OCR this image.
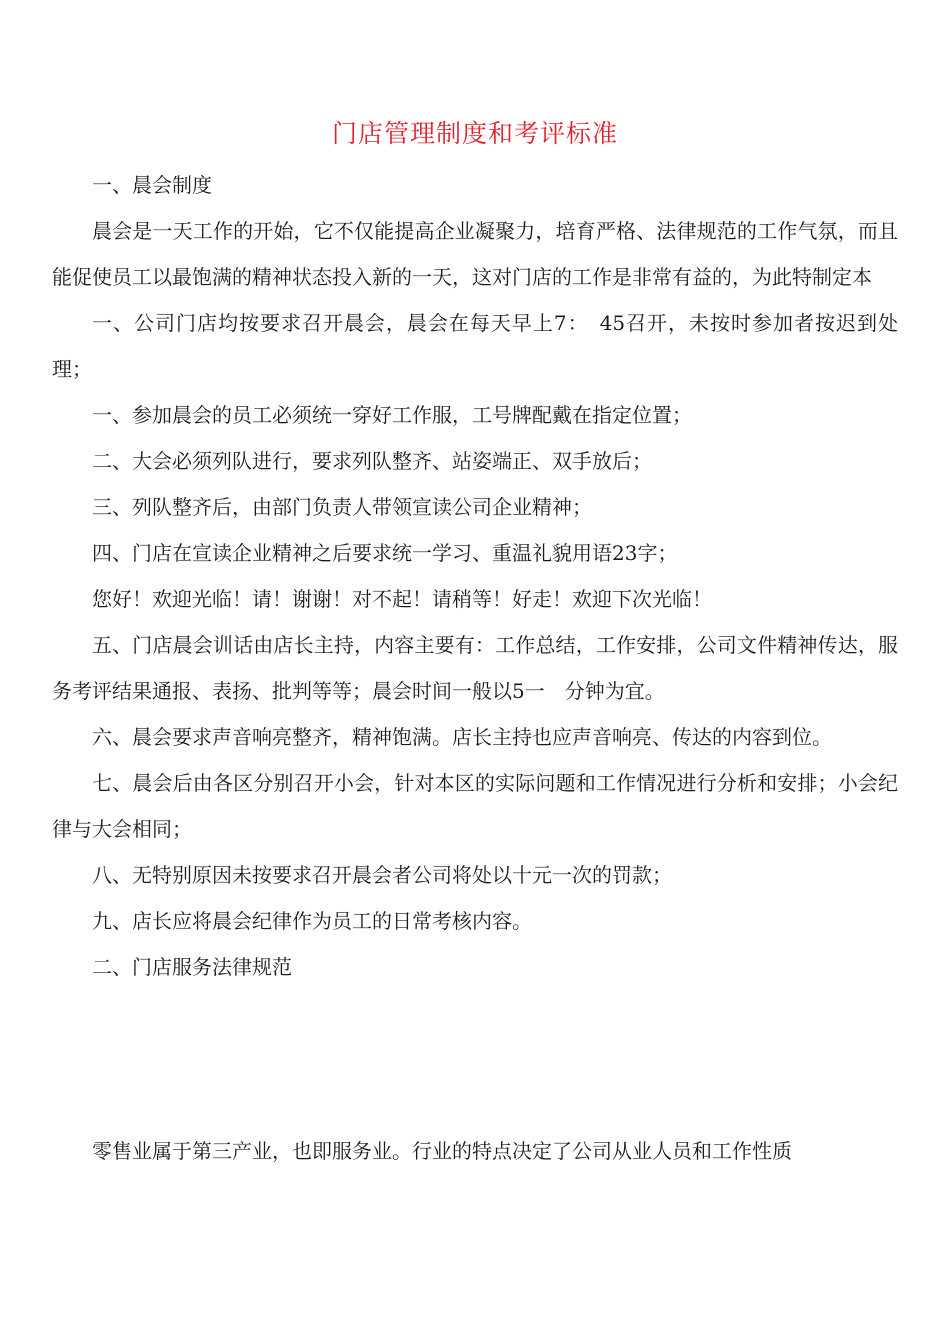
门店管理制度和考评标准

一、晨会制度

晨会是一天工作的开始，它不仅能提高企业凝聚力，培育严格、法律规范的工作气氛，而且能促使员工以最饱满的精神状态投入新的一天，这对门店的工作是非常有益的，为此特制定本

一、公司门店均按要求召开晨会，晨会在每天早上7：　45召开，未按时参加者按迟到处理；

一、参加晨会的员工必须统一穿好工作服，工号牌配戴在指定位置；

二、大会必须列队进行，要求列队整齐、站姿端正、双手放后；

三、列队整齐后，由部门负责人带领宣读公司企业精神；

四、门店在宣读企业精神之后要求统一学习、重温礼貌用语23字；

您好！欢迎光临！请！谢谢！对不起！请稍等！好走！欢迎下次光临！

五、门店晨会训话由店长主持，内容主要有：工作总结，工作安排，公司文件精神传达，服务考评结果通报、表扬、批判等等；晨会时间一般以5一　分钟为宜。

六、晨会要求声音响亮整齐，精神饱满。店长主持也应声音响亮、传达的内容到位。

七、晨会后由各区分别召开小会，针对本区的实际问题和工作情况进行分析和安排；小会纪律与大会相同；

八、无特别原因未按要求召开晨会者公司将处以十元一次的罚款；

九、店长应将晨会纪律作为员工的日常考核内容。

二、门店服务法律规范

零售业属于第三产业，也即服务业。行业的特点决定了公司从业人员和工作性质
